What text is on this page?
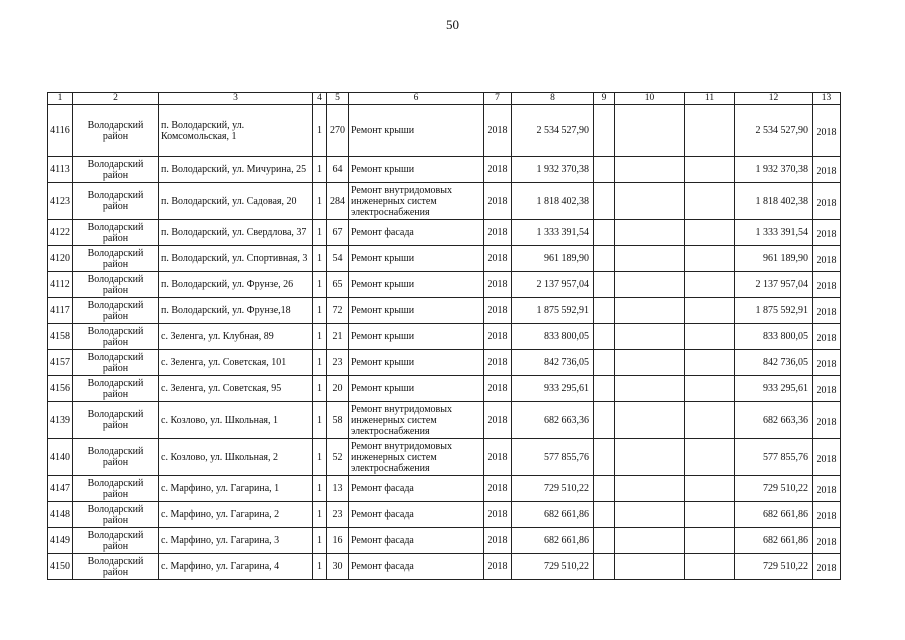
50
1	2	3	4	5	6	7	8	9	10	11	12	13
4116	Володарский район	п. Володарский, ул. Комсомольская, 1	1	270	Ремонт крыши	2018	2 534 527,90				2 534 527,90	2018
4113	Володарский район	п. Володарский, ул. Мичурина, 25	1	64	Ремонт крыши	2018	1 932 370,38				1 932 370,38	2018
4123	Володарский район	п. Володарский, ул. Садовая, 20	1	284	Ремонт внутридомовых инженерных систем электроснабжения	2018	1 818 402,38				1 818 402,38	2018
4122	Володарский район	п. Володарский, ул. Свердлова, 37	1	67	Ремонт фасада	2018	1 333 391,54				1 333 391,54	2018
4120	Володарский район	п. Володарский, ул. Спортивная, 3	1	54	Ремонт крыши	2018	961 189,90				961 189,90	2018
4112	Володарский район	п. Володарский, ул. Фрунзе, 26	1	65	Ремонт крыши	2018	2 137 957,04				2 137 957,04	2018
4117	Володарский район	п. Володарский, ул. Фрунзе,18	1	72	Ремонт крыши	2018	1 875 592,91				1 875 592,91	2018
4158	Володарский район	с. Зеленга, ул. Клубная, 89	1	21	Ремонт крыши	2018	833 800,05				833 800,05	2018
4157	Володарский район	с. Зеленга, ул. Советская, 101	1	23	Ремонт крыши	2018	842 736,05				842 736,05	2018
4156	Володарский район	с. Зеленга, ул. Советская, 95	1	20	Ремонт крыши	2018	933 295,61				933 295,61	2018
4139	Володарский район	с. Козлово, ул. Школьная, 1	1	58	Ремонт внутридомовых инженерных систем электроснабжения	2018	682 663,36				682 663,36	2018
4140	Володарский район	с. Козлово, ул. Школьная, 2	1	52	Ремонт внутридомовых инженерных систем электроснабжения	2018	577 855,76				577 855,76	2018
4147	Володарский район	с. Марфино, ул. Гагарина, 1	1	13	Ремонт фасада	2018	729 510,22				729 510,22	2018
4148	Володарский район	с. Марфино, ул. Гагарина, 2	1	23	Ремонт фасада	2018	682 661,86				682 661,86	2018
4149	Володарский район	с. Марфино, ул. Гагарина, 3	1	16	Ремонт фасада	2018	682 661,86				682 661,86	2018
4150	Володарский район	с. Марфино, ул. Гагарина, 4	1	30	Ремонт фасада	2018	729 510,22				729 510,22	2018
